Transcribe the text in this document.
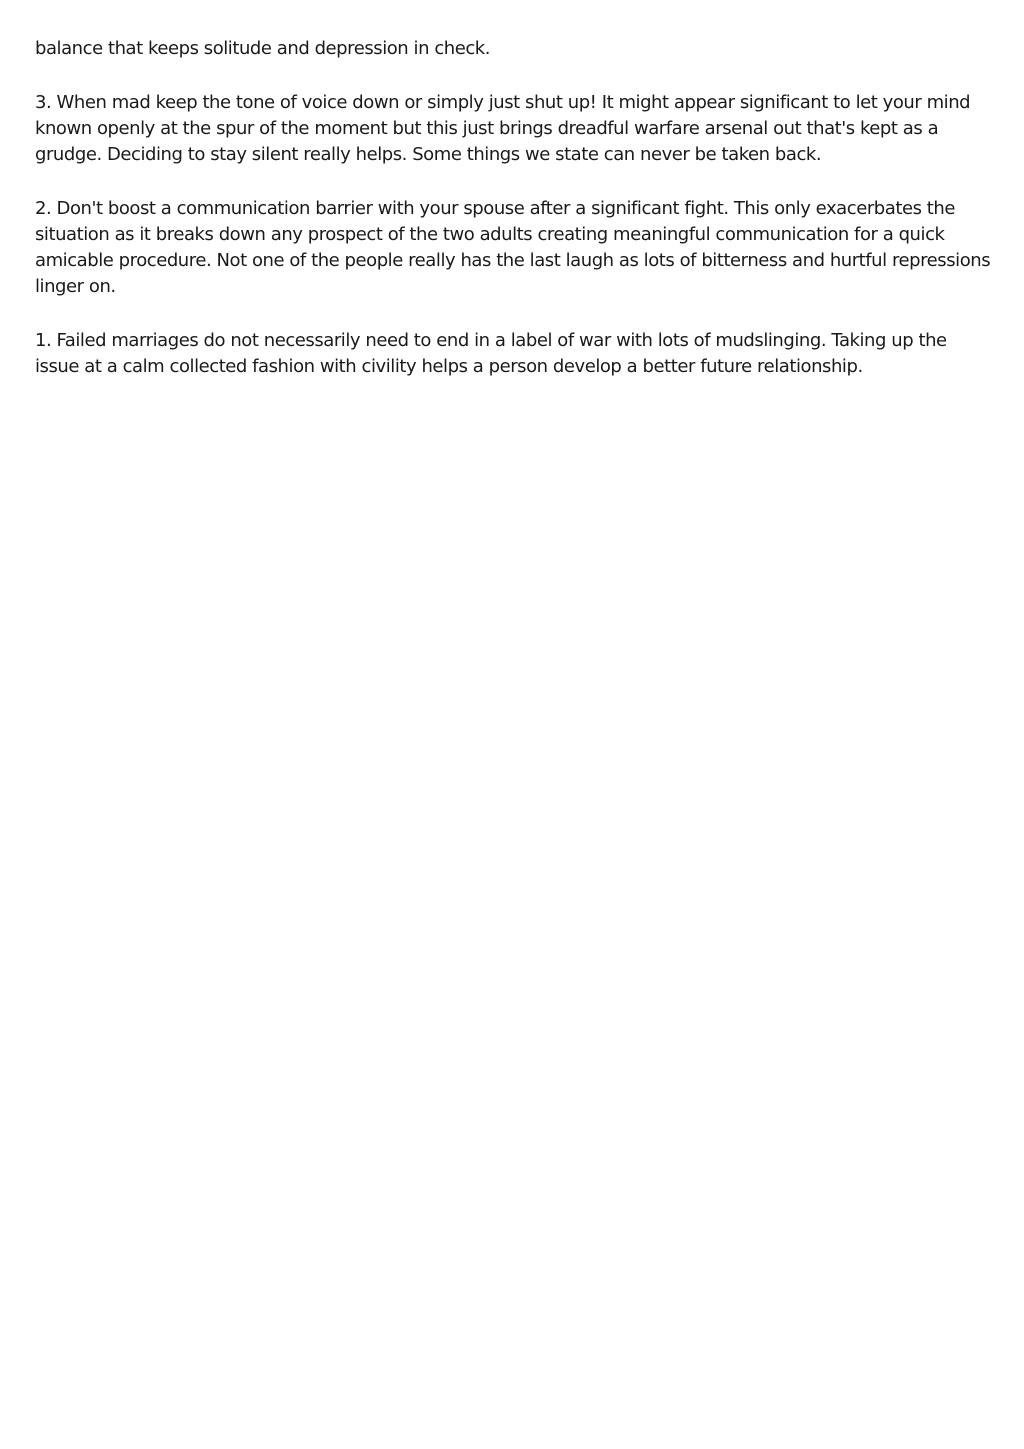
balance that keeps solitude and depression in check.

3. When mad keep the tone of voice down or simply just shut up! It might appear significant to let your mind known openly at the spur of the moment but this just brings dreadful warfare arsenal out that's kept as a grudge. Deciding to stay silent really helps. Some things we state can never be taken back.

2. Don't boost a communication barrier with your spouse after a significant fight. This only exacerbates the situation as it breaks down any prospect of the two adults creating meaningful communication for a quick amicable procedure. Not one of the people really has the last laugh as lots of bitterness and hurtful repressions linger on.

1. Failed marriages do not necessarily need to end in a label of war with lots of mudslinging. Taking up the issue at a calm collected fashion with civility helps a person develop a better future relationship.
